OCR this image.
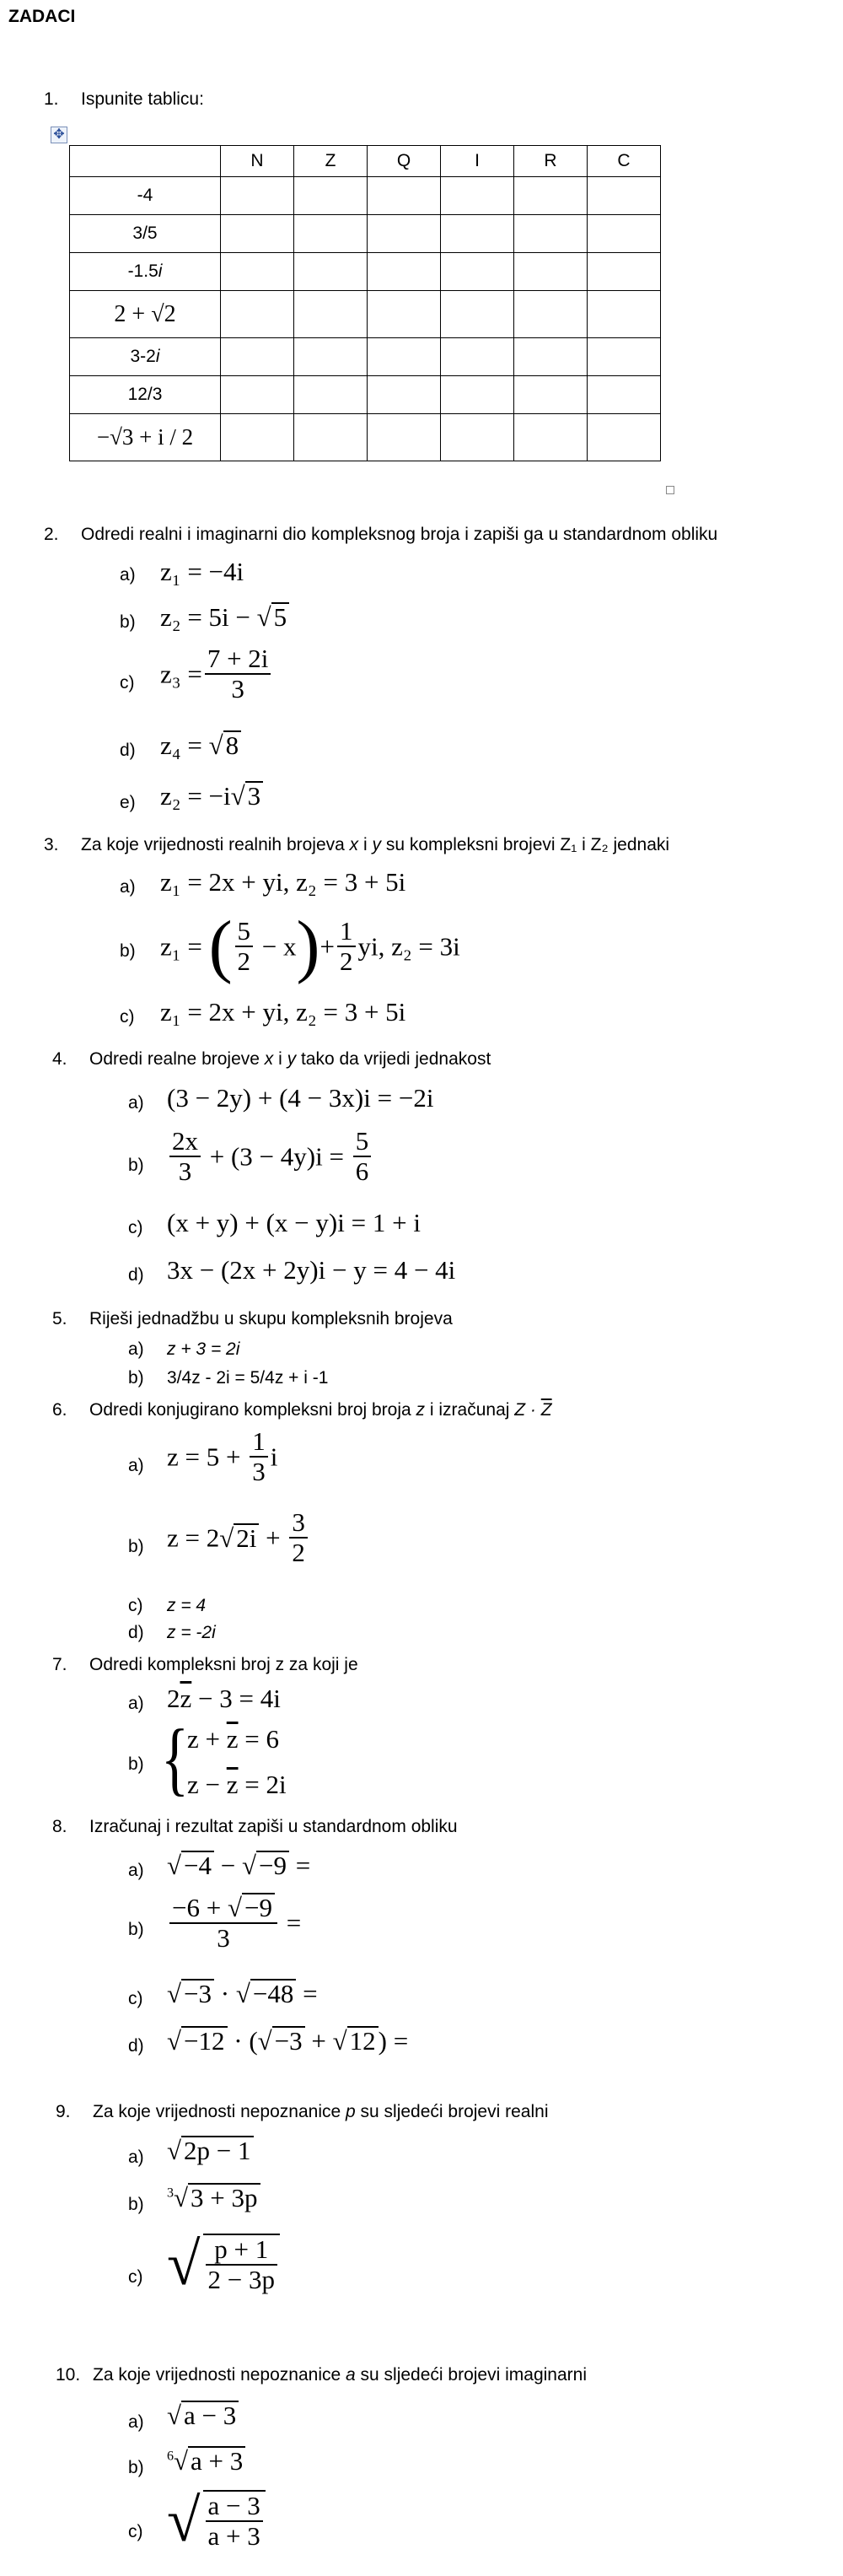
ZADACI
1. Ispunite tablicu:
✥
	N	Z	Q	I	R	C
-4						
3/5						
-1.5i						
2 + √2						
3-2i						
12/3						
−√3 + i / 2						
2. Odredi realni i imaginarni dio kompleksnog broja i zapiši ga u standardnom obliku
a) z₁ = −4i
b) z₂ = 5i − √5
c) $z_3 = \frac{7 + 2i}{3}$
d) z₄ = √8
e) z₂ = −i√3
3. Za koje vrijednosti realnih brojeva x i y su kompleksni brojevi Z₁ i Z₂ jednaki
a) z₁ = 2x + yi, z₂ = 3 + 5i
b) z₁ = ( $\frac{5}{2} - x)+ \frac{1}{2}$ yi, z₂ = 3i
c) z₁ = 2x + yi, z₂ = 3 + 5i
4. Odredi realne brojeve x i y tako da vrijedi jednakost
a) (3 − 2y) + (4 − 3x)i = −2i
$b) \frac{2x}{3} + (3 - 4y)i = \frac{5}{6}$
c) (x + y) + (x − y)i = 1 + i
d) 3x − (2x + 2y)i − y = 4 − 4i
5. Riješi jednadžbu u skupu kompleksnih brojeva
a) z + 3 = 2i
b) 3/4z - 2i = 5/4z + i -1
6. Odredi konjugirano kompleksni broj broja z i izračunaj $Z \cdot \overline{Z}$
a) $z = 5 + \frac{1}{3}$ i
b) $z = 2√2i + \frac{3}{2}$
c) z = 4
d) z = -2i
7. Odredi kompleksni broj z za koji je
a) $2\overline{z} - 3 = 4i$
b) {
$z + \overline{z} = 6$
$z - \overline{z} = 2i$
8. Izračunaj i rezultat zapiši u standardnom obliku
a) √−4 − √−9 =
$b) \frac{-6 + √-9}{3}$ =
c) √−3 · √−48 =
d) √−12 · (√−3 + √12) =
9. Za koje vrijednosti nepoznanice p su sljedeći brojevi realni
a) √2p − 1
b)
$^3$√3 + 3p
c) √ $\frac{p + 1}{2 - 3p}$
10. Za koje vrijednosti nepoznanice a su sljedeći brojevi imaginarni
a) √a − 3
b)
$^6$√a + 3
c) √ $\frac{a - 3}{a + 3}$
